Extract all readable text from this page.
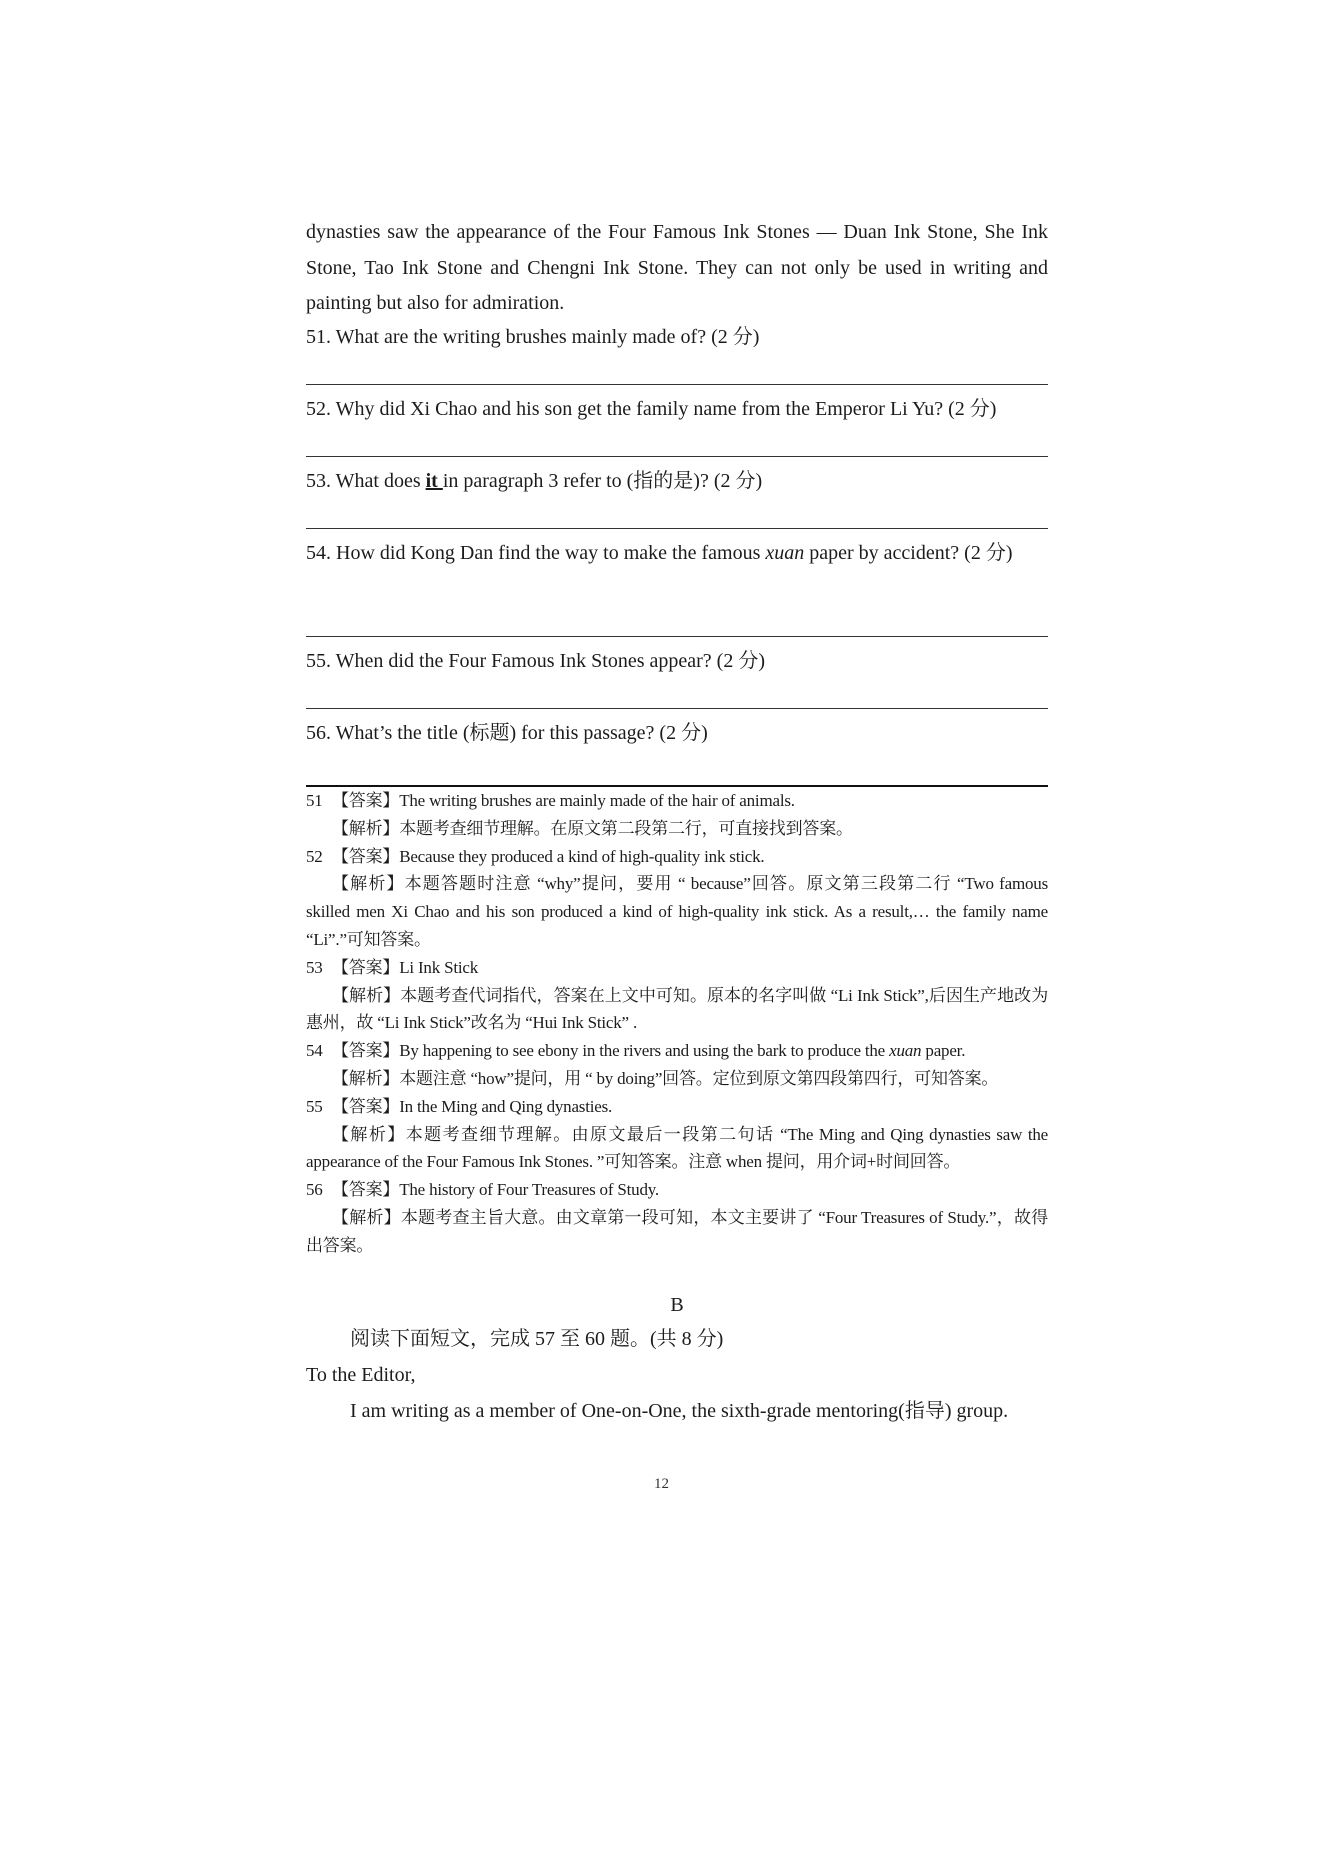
dynasties saw the appearance of the Four Famous Ink Stones — Duan Ink Stone, She Ink Stone, Tao Ink Stone and Chengni Ink Stone. They can not only be used in writing and painting but also for admiration.
51. What are the writing brushes mainly made of? (2 分)
52. Why did Xi Chao and his son get the family name from the Emperor Li Yu? (2 分)
53. What does it in paragraph 3 refer to (指的是)? (2 分)
54. How did Kong Dan find the way to make the famous xuan paper by accident? (2 分)
55. When did the Four Famous Ink Stones appear? (2 分)
56. What’s the title (标题) for this passage? (2 分)
51 【答案】The writing brushes are mainly made of the hair of animals.
【解析】本题考查细节理解。在原文第二段第二行，可直接找到答案。
52 【答案】Because they produced a kind of high-quality ink stick.
【解析】本题答题时注意 “why”提问，要用 “ because”回答。原文第三段第二行 “Two famous skilled men Xi Chao and his son produced a kind of high-quality ink stick. As a result,… the family name “Li”.”可知答案。
53 【答案】Li Ink Stick
【解析】本题考查代词指代，答案在上文中可知。原本的名字叫做 “Li Ink Stick”,后因生产地改为惠州，故 “Li Ink Stick”改名为 “Hui Ink Stick” .
54 【答案】By happening to see ebony in the rivers and using the bark to produce the xuan paper.
【解析】本题注意 “how”提问，用 “ by doing”回答。定位到原文第四段第四行，可知答案。
55 【答案】In the Ming and Qing dynasties.
【解析】本题考查细节理解。由原文最后一段第二句话 “The Ming and Qing dynasties saw the appearance of the Four Famous Ink Stones. ”可知答案。注意 when 提问，用介词+时间回答。
56 【答案】The history of Four Treasures of Study.
【解析】本题考查主旨大意。由文章第一段可知，本文主要讲了 “Four Treasures of Study.”，故得出答案。
B
阅读下面短文，完成 57 至 60 题。(共 8 分)
To the Editor,
I am writing as a member of One-on-One, the sixth-grade mentoring(指导) group.
12
